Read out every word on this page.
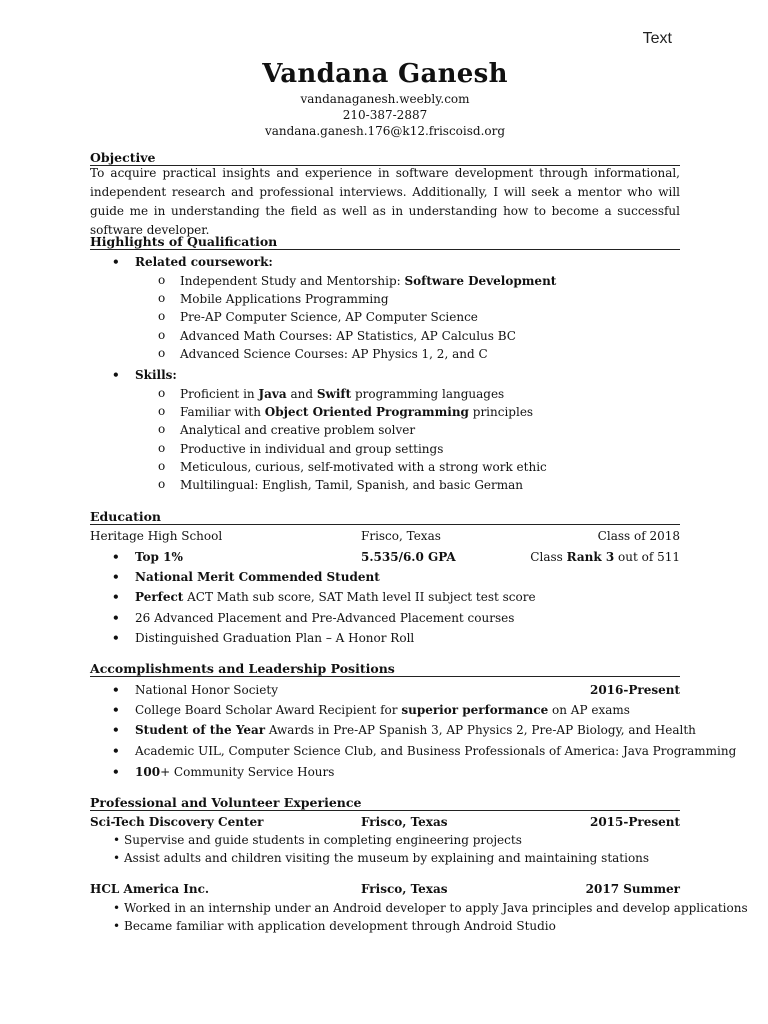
Text
Vandana Ganesh
vandanaganesh.weebly.com
210-387-2887
vandana.ganesh.176@k12.friscoisd.org
Objective
To acquire practical insights and experience in software development through informational, independent research and professional interviews. Additionally, I will seek a mentor who will guide me in understanding the field as well as in understanding how to become a successful software developer.
Highlights of Qualification
• Related coursework:
o Independent Study and Mentorship: Software Development
o Mobile Applications Programming
o Pre-AP Computer Science, AP Computer Science
o Advanced Math Courses: AP Statistics, AP Calculus BC
o Advanced Science Courses: AP Physics 1, 2, and C
• Skills:
o Proficient in Java and Swift programming languages
o Familiar with Object Oriented Programming principles
o Analytical and creative problem solver
o Productive in individual and group settings
o Meticulous, curious, self-motivated with a strong work ethic
o Multilingual: English, Tamil, Spanish, and basic German
Education
Heritage High School	Frisco, Texas	Class of 2018
• Top 1%	5.535/6.0 GPA	Class Rank 3 out of 511
• National Merit Commended Student
• Perfect ACT Math sub score, SAT Math level II subject test score
• 26 Advanced Placement and Pre-Advanced Placement courses
• Distinguished Graduation Plan – A Honor Roll
Accomplishments and Leadership Positions
• National Honor Society	2016-Present
• College Board Scholar Award Recipient for superior performance on AP exams
• Student of the Year Awards in Pre-AP Spanish 3, AP Physics 2, Pre-AP Biology, and Health
• Academic UIL, Computer Science Club, and Business Professionals of America: Java Programming
• 100+ Community Service Hours
Professional and Volunteer Experience
Sci-Tech Discovery Center	Frisco, Texas	2015-Present
• Supervise and guide students in completing engineering projects
• Assist adults and children visiting the museum by explaining and maintaining stations
HCL America Inc.	Frisco, Texas	2017 Summer
• Worked in an internship under an Android developer to apply Java principles and develop applications
• Became familiar with application development through Android Studio
